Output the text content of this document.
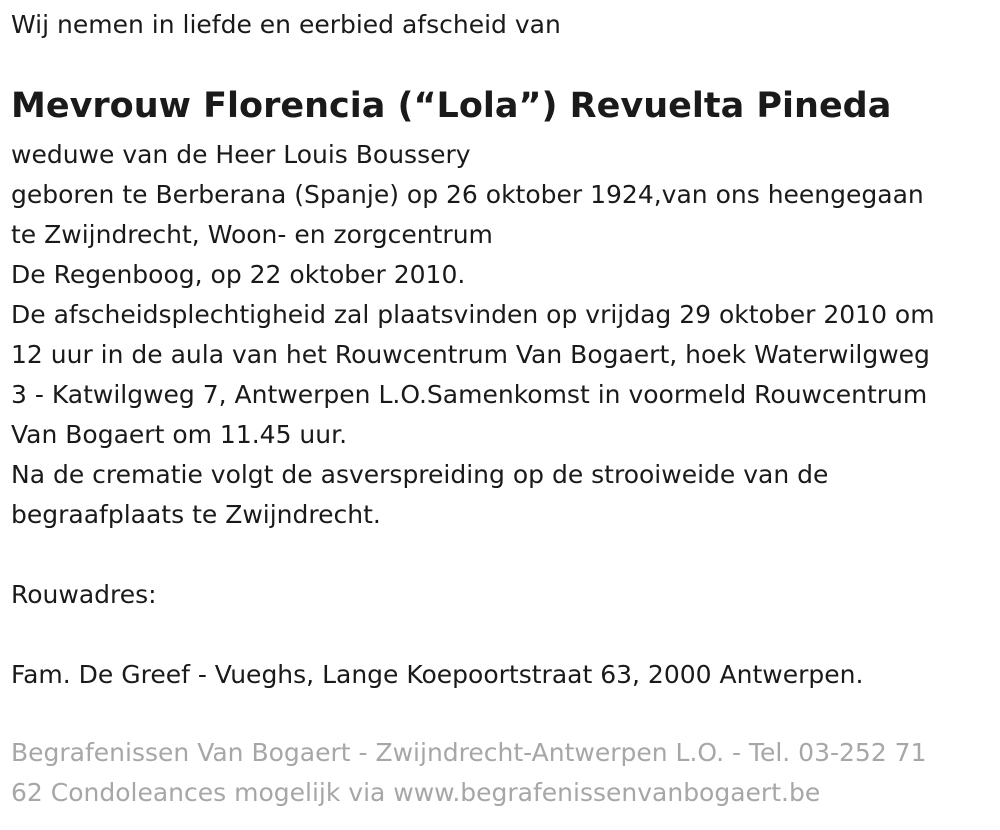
Wij nemen in liefde en eerbied afscheid van
Mevrouw Florencia (“Lola”) Revuelta Pineda
weduwe van de Heer Louis Boussery
geboren te Berberana (Spanje) op 26 oktober 1924,van ons heengegaan
te Zwijndrecht, Woon- en zorgcentrum
De Regenboog, op 22 oktober 2010.
De afscheidsplechtigheid zal plaatsvinden op vrijdag 29 oktober 2010 om
12 uur in de aula van het Rouwcentrum Van Bogaert, hoek Waterwilgweg
3 - Katwilgweg 7, Antwerpen L.O.Samenkomst in voormeld Rouwcentrum
Van Bogaert om 11.45 uur.
Na de crematie volgt de asverspreiding op de strooiweide van de
begraafplaats te Zwijndrecht.
Rouwadres:
Fam. De Greef - Vueghs, Lange Koepoortstraat 63, 2000 Antwerpen.
Begrafenissen Van Bogaert - Zwijndrecht-Antwerpen L.O. - Tel. 03-252 71
62 Condoleances mogelijk via www.begrafenissenvanbogaert.be
